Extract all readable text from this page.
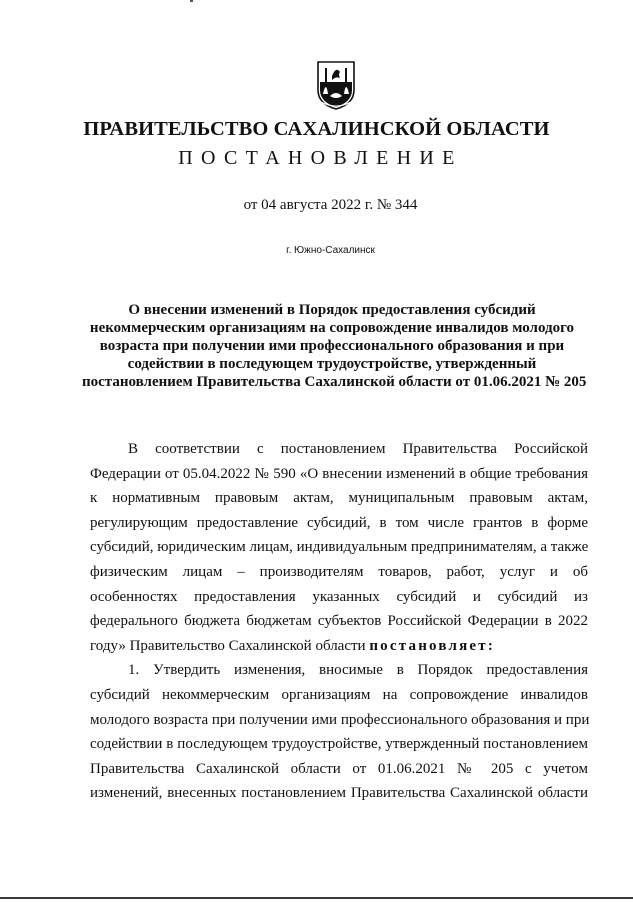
ПРАВИТЕЛЬСТВО САХАЛИНСКОЙ ОБЛАСТИ
ПОСТАНОВЛЕНИЕ
от 04 августа 2022 г. № 344
г. Южно-Сахалинск
О внесении изменений в Порядок предоставления субсидий
некоммерческим организациям на сопровождение инвалидов молодого
возраста при получении ими профессионального образования и при
содействии в последующем трудоустройстве, утвержденный
постановлением Правительства Сахалинской области от 01.06.2021 № 205
В соответствии с постановлением Правительства Российской
Федерации от 05.04.2022 № 590 «О внесении изменений в общие требования
к нормативным правовым актам, муниципальным правовым актам,
регулирующим предоставление субсидий, в том числе грантов в форме
субсидий, юридическим лицам, индивидуальным предпринимателям, а также
физическим лицам – производителям товаров, работ, услуг и об
особенностях предоставления указанных субсидий и субсидий из
федерального бюджета бюджетам субъектов Российской Федерации в 2022
году» Правительство Сахалинской области постановляет:
1. Утвердить изменения, вносимые в Порядок предоставления
субсидий некоммерческим организациям на сопровождение инвалидов
молодого возраста при получении ими профессионального образования и при
содействии в последующем трудоустройстве, утвержденный постановлением
Правительства Сахалинской области от 01.06.2021 № 205 с учетом
изменений, внесенных постановлением Правительства Сахалинской области
